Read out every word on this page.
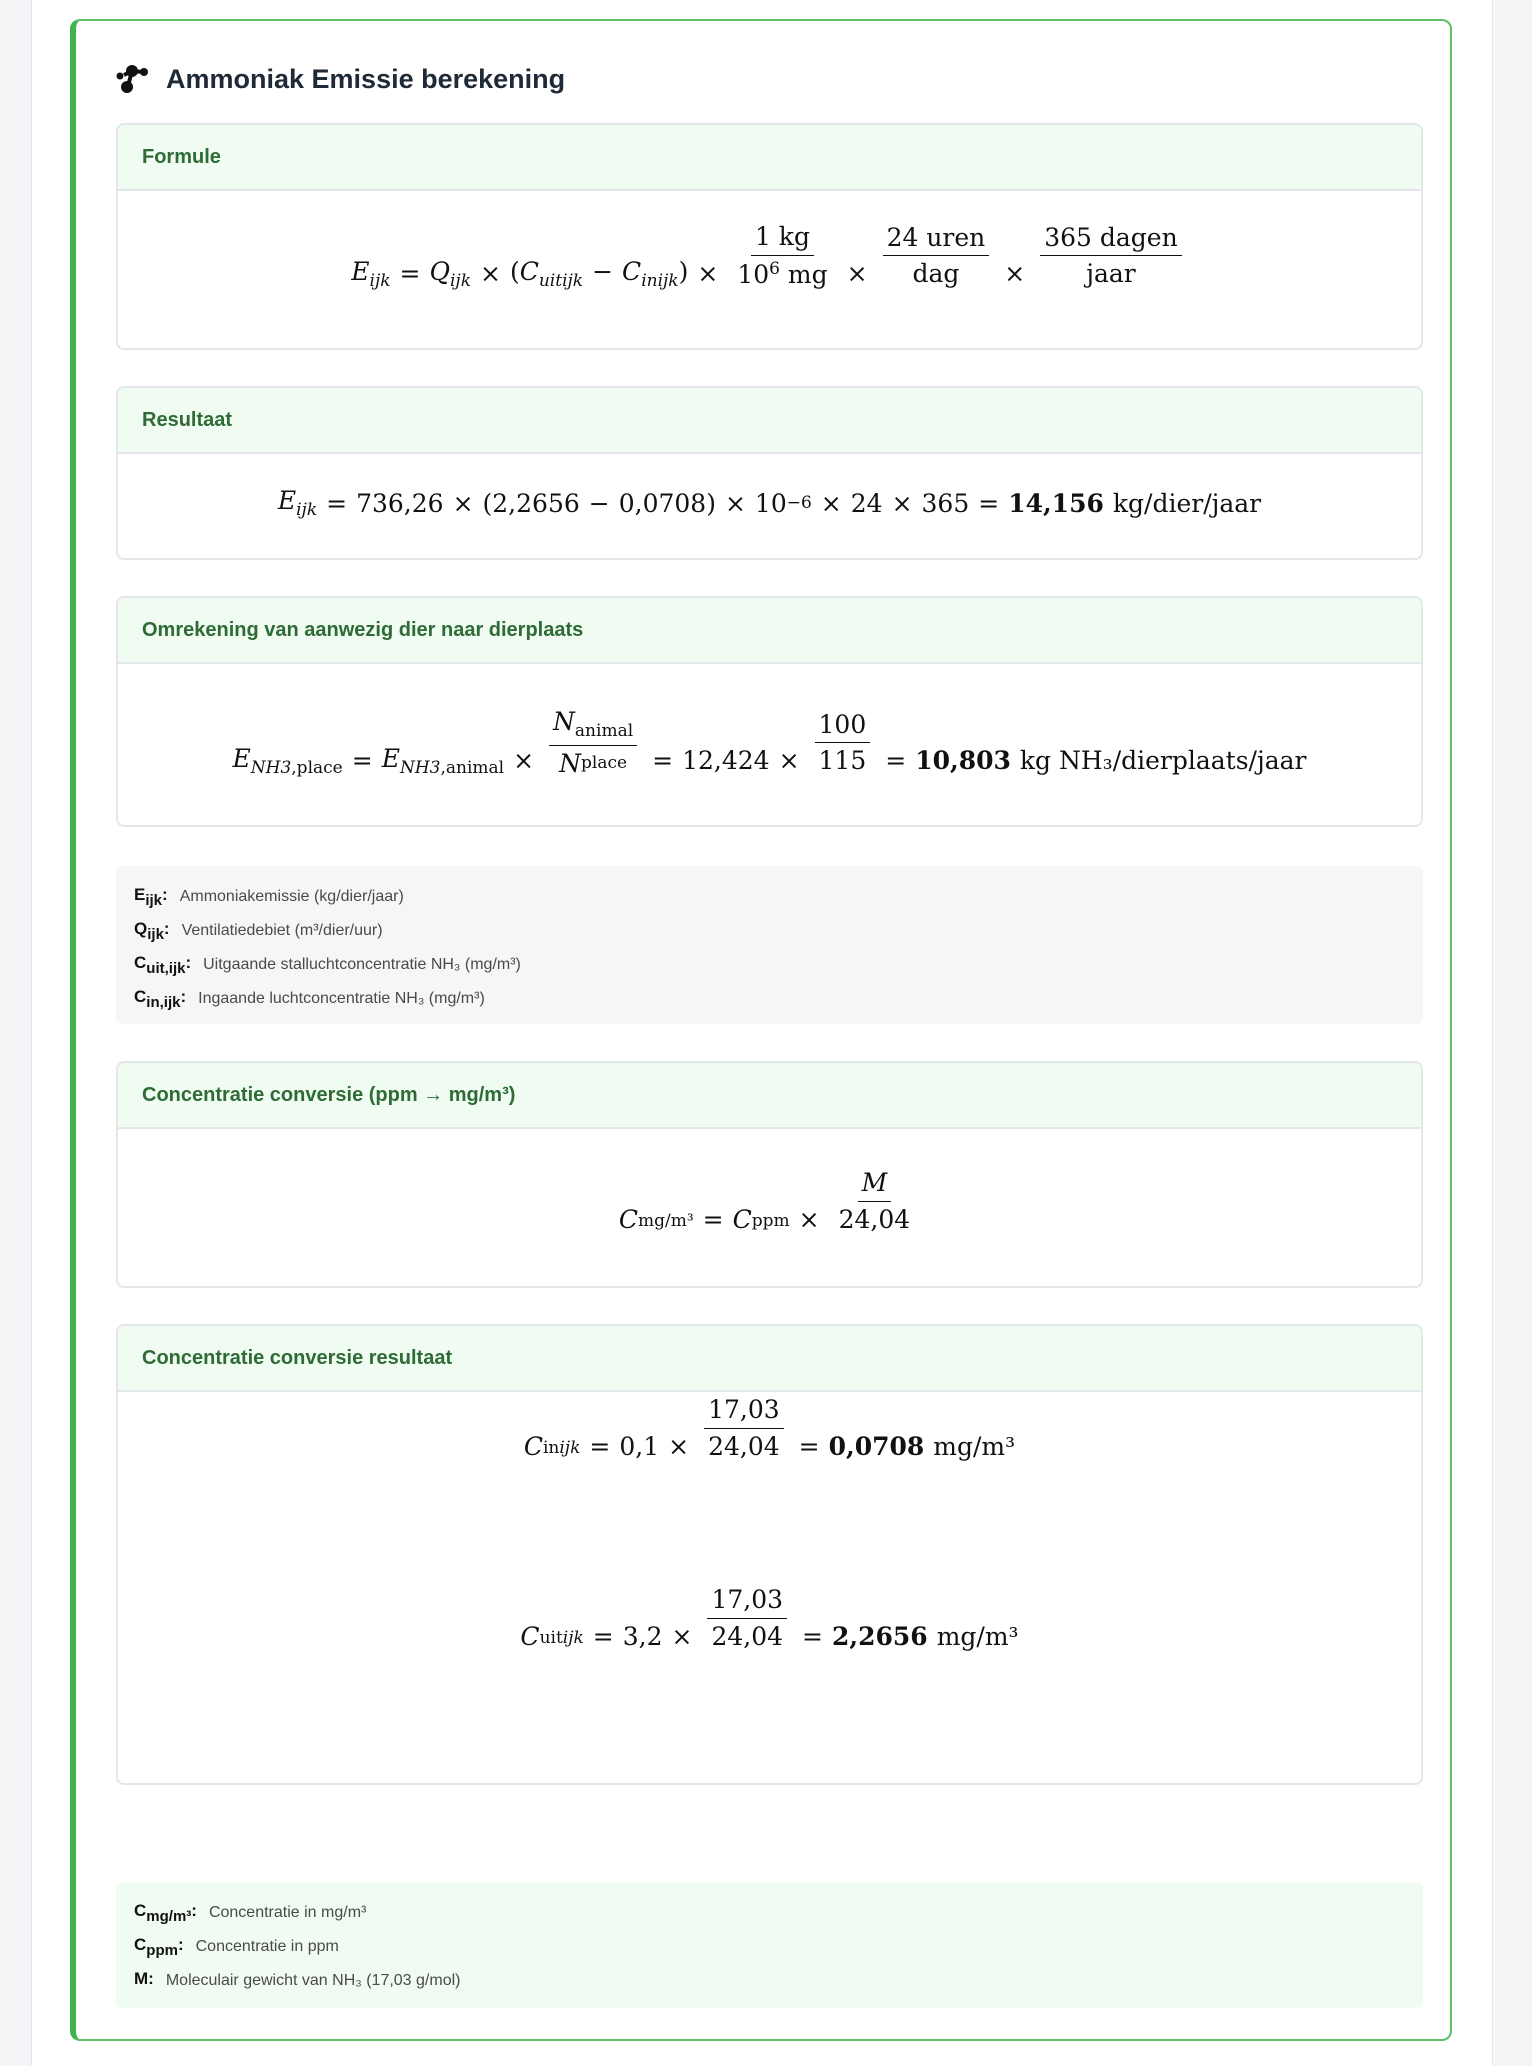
Ammoniak Emissie berekening
Formule
$E_{ijk} = Q_{ijk} \times (C_{uitijk} - C_{inijk}) \times \frac{1 kg}{10^6 mg} \times \frac{\text{24 uren}}{\text{dag}} \times \frac{\text{365 dagen}}{\text{jaar}}$
Resultaat
$E_{ijk} = 736,26$ × ( 2,2656 − 0,0708 ) × 10 −6 × 24 × 365 = 14,156 kg/dier/jaar
Omrekening van aanwezig dier naar dierplaats
$E_{NH3,place} = E_{NH3,animal} \times \frac{N_{animal}}{N^{place}} = 12,424 \times \frac{100}{115} = 10,803$ kg NH₃/dierplaats/jaar
Eijk: Ammoniakemissie (kg/dier/jaar)
Qijk: Ventilatiedebiet (m³/dier/uur)
Cuit,ijk: Uitgaande stalluchtconcentratie NH₃ (mg/m³)
Cin,ijk: Ingaande luchtconcentratie NH₃ (mg/m³)
Concentratie conversie (ppm → mg/m³)
Cmg/m³ = Cppm × $\frac{M}{24,04}$
Concentratie conversie resultaat
Cinijk = $0,1 \times \frac{17,03}{24,04} = 0,0708$ mg/m³
Cuitijk = $3,2 \times \frac{17,03}{24,04} = 2,2656$ mg/m³
Cmg/m³: Concentratie in mg/m³
Cppm: Concentratie in ppm
M: Moleculair gewicht van NH₃ (17,03 g/mol)
